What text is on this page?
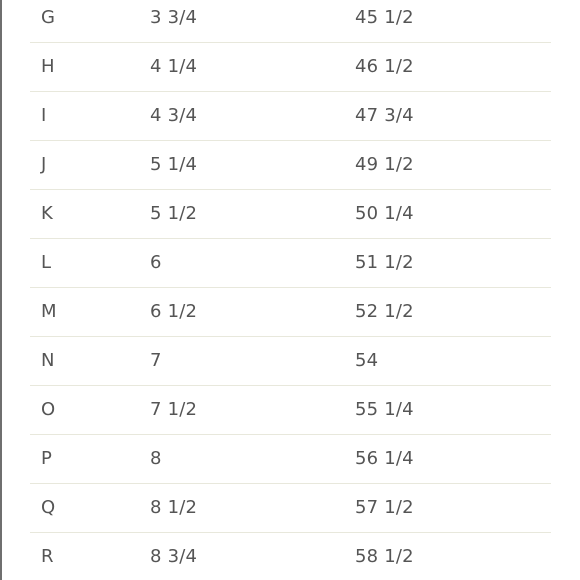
G	3 3/4	45 1/2
H	4 1/4	46 1/2
I	4 3/4	47 3/4
J	5 1/4	49 1/2
K	5 1/2	50 1/4
L	6	51 1/2
M	6 1/2	52 1/2
N	7	54
O	7 1/2	55 1/4
P	8	56 1/4
Q	8 1/2	57 1/2
R	8 3/4	58 1/2
